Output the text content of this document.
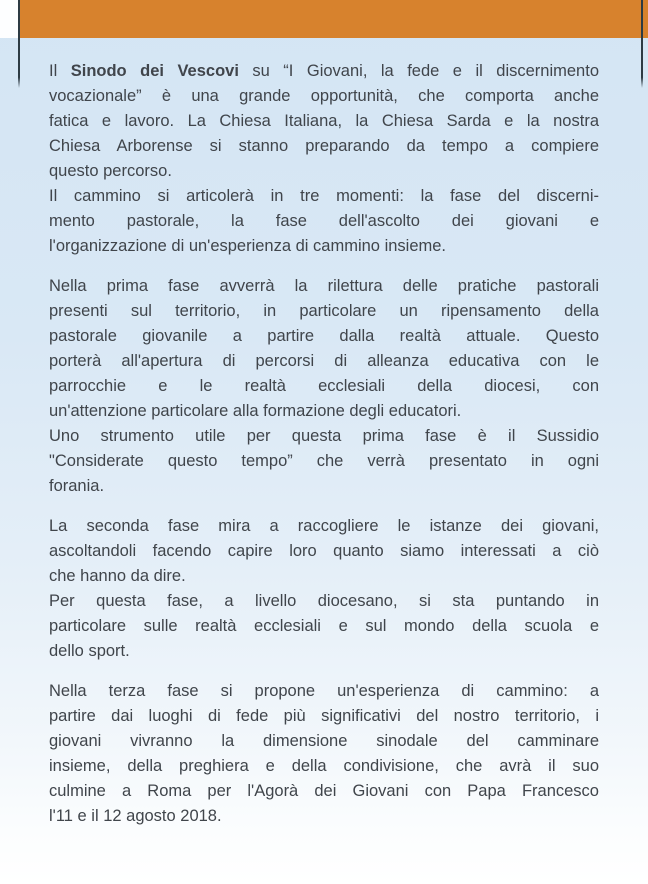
Il Sinodo dei Vescovi su “I Giovani, la fede e il discernimento
vocazionale” è una grande opportunità, che comporta anche
fatica e lavoro. La Chiesa Italiana, la Chiesa Sarda e la nostra
Chiesa Arborense si stanno preparando da tempo a compiere
questo percorso.
Il cammino si articolerà in tre momenti: la fase del discerni-
mento pastorale, la fase dell'ascolto dei giovani e
l'organizzazione di un'esperienza di cammino insieme.
Nella prima fase avverrà la rilettura delle pratiche pastorali
presenti sul territorio, in particolare un ripensamento della
pastorale giovanile a partire dalla realtà attuale. Questo
porterà all'apertura di percorsi di alleanza educativa con le
parrocchie e le realtà ecclesiali della diocesi, con
un'attenzione particolare alla formazione degli educatori.
Uno strumento utile per questa prima fase è il Sussidio
"Considerate questo tempo” che verrà presentato in ogni
forania.
La seconda fase mira a raccogliere le istanze dei giovani,
ascoltandoli facendo capire loro quanto siamo interessati a ciò
che hanno da dire.
Per questa fase, a livello diocesano, si sta puntando in
particolare sulle realtà ecclesiali e sul mondo della scuola e
dello sport.
Nella terza fase si propone un'esperienza di cammino: a
partire dai luoghi di fede più significativi del nostro territorio, i
giovani vivranno la dimensione sinodale del camminare
insieme, della preghiera e della condivisione, che avrà il suo
culmine a Roma per l'Agorà dei Giovani con Papa Francesco
l'11 e il 12 agosto 2018.
